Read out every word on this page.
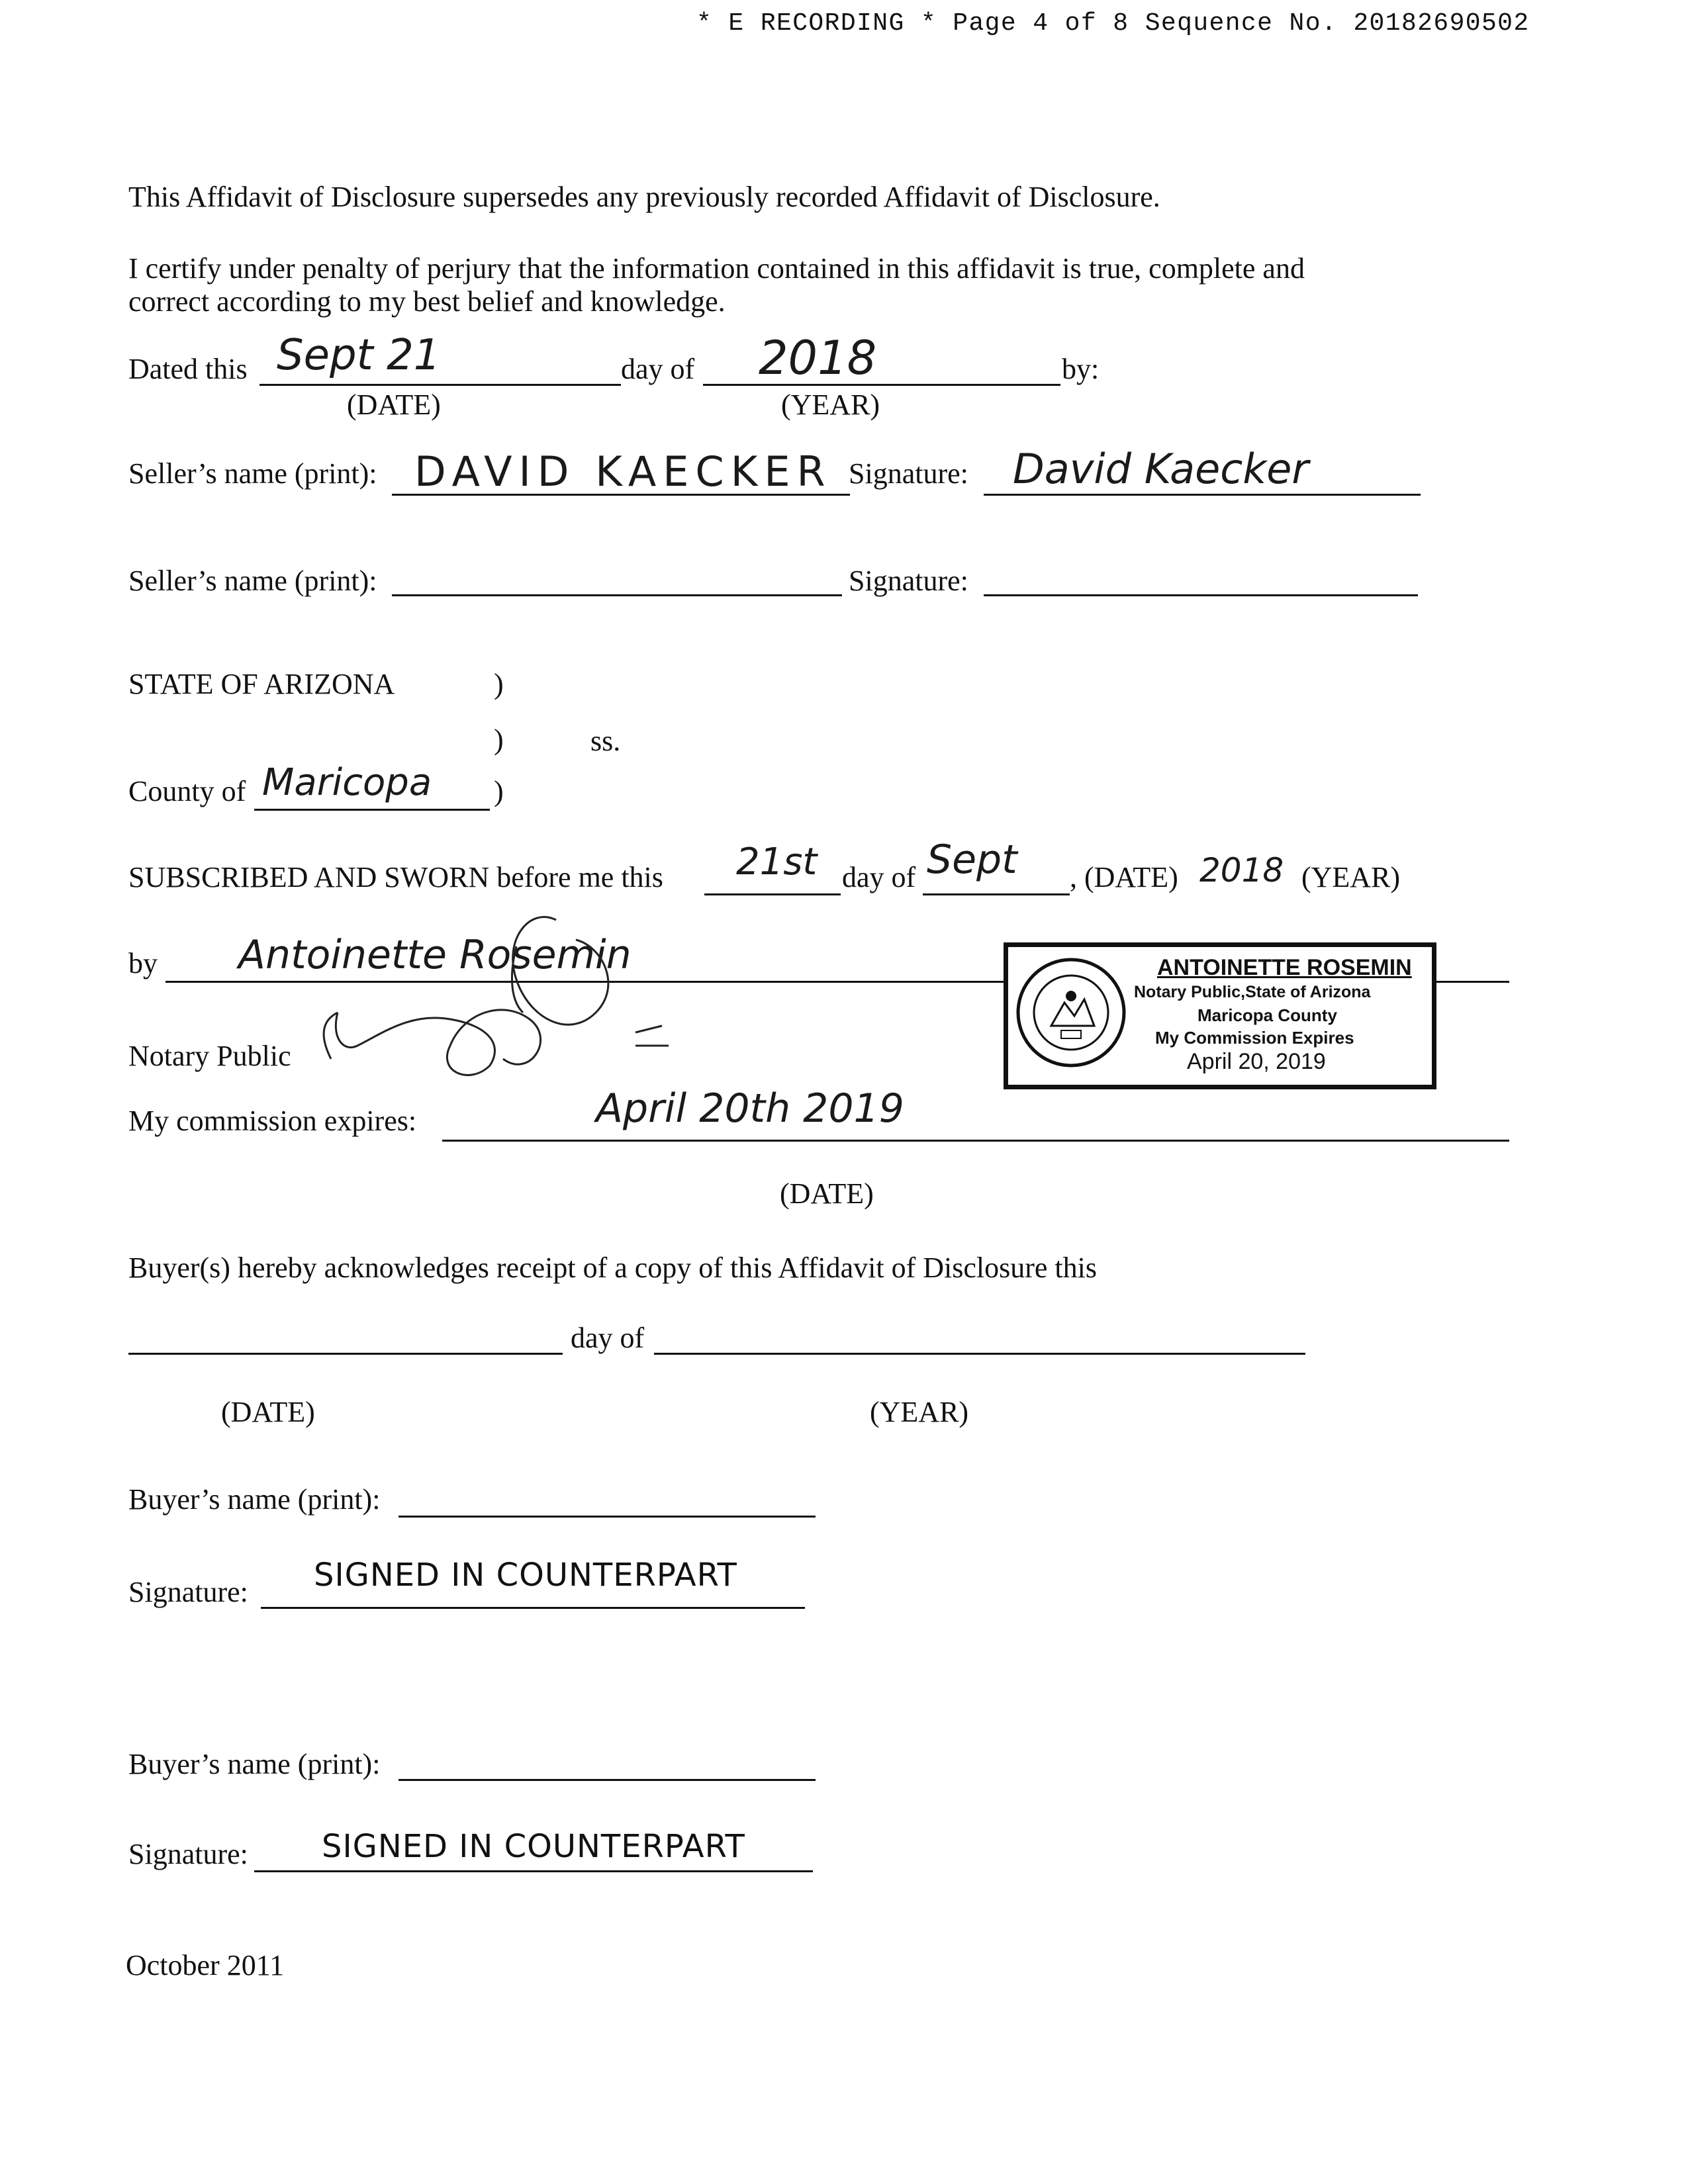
* E RECORDING * Page 4 of 8 Sequence No. 20182690502
This Affidavit of Disclosure supersedes any previously recorded Affidavit of Disclosure.
I certify under penalty of perjury that the information contained in this affidavit is true, complete and
correct according to my best belief and knowledge.
Dated this Sept 21	day of 2018	by:
(DATE)	(YEAR)
Seller’s name (print): DAVID KAECKER Signature: David Kaecker
Seller’s name (print):	Signature:
STATE OF ARIZONA	)
)	ss.
County of Maricopa )
SUBSCRIBED AND SWORN before me this 21st day of Sept , (DATE) 2018 (YEAR)
by Antoinette Rosemin
Notary Public
ANTOINETTE ROSEMIN
Notary Public,State of Arizona
Maricopa County
My Commission Expires
April 20, 2019
My commission expires:	April 20th 2019
(DATE)
Buyer(s) hereby acknowledges receipt of a copy of this Affidavit of Disclosure this
day of
(DATE)	(YEAR)
Buyer’s name (print):
Signature: SIGNED IN COUNTERPART
Buyer’s name (print):
Signature: SIGNED IN COUNTERPART
October 2011
